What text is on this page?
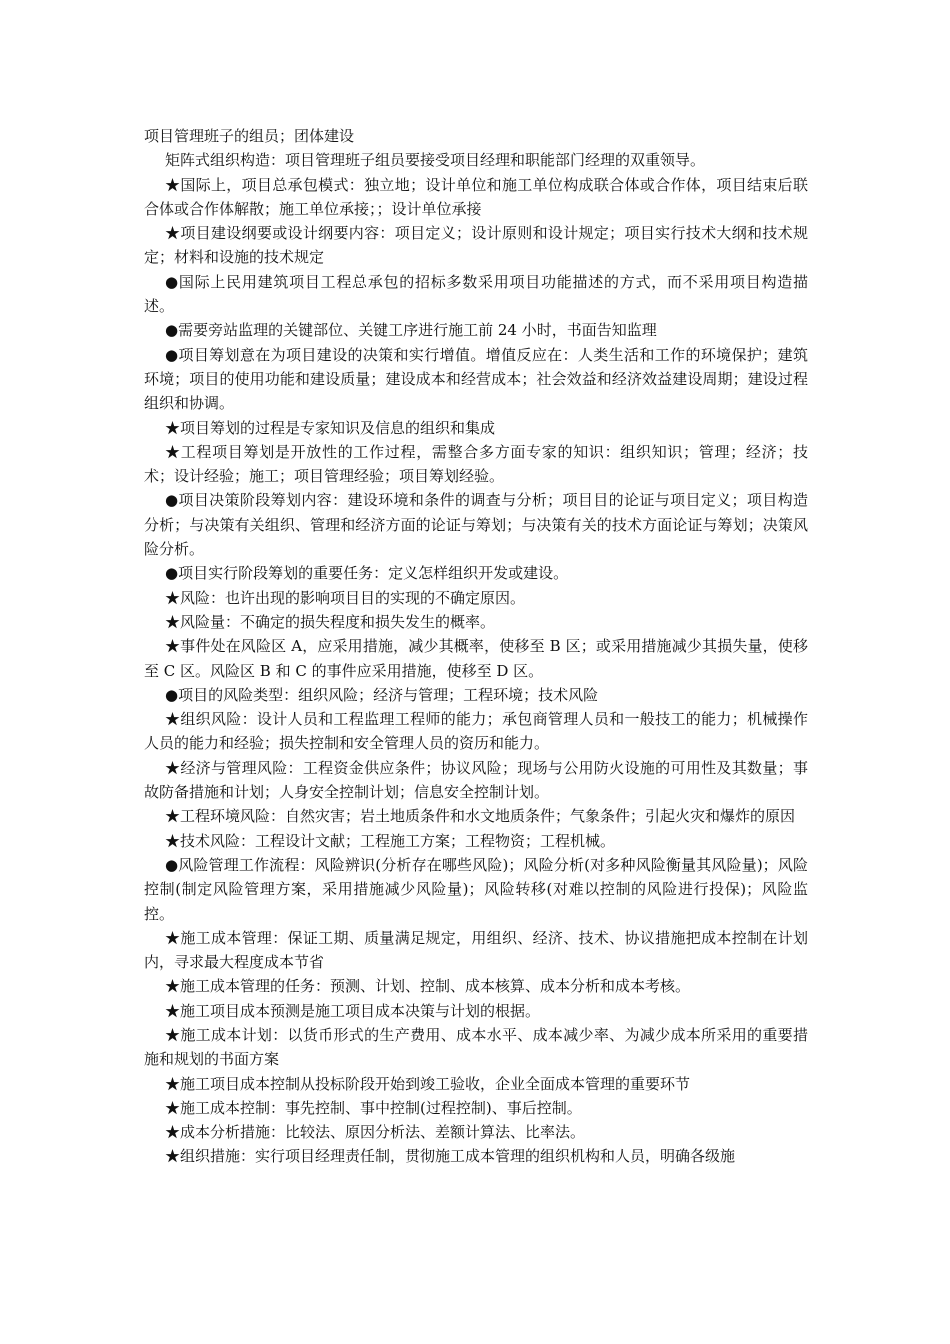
项目管理班子的组员；团体建设

矩阵式组织构造：项目管理班子组员要接受项目经理和职能部门经理的双重领导。

★国际上，项目总承包模式：独立地；设计单位和施工单位构成联合体或合作体，项目结束后联合体或合作体解散；施工单位承接；；设计单位承接

★项目建设纲要或设计纲要内容：项目定义；设计原则和设计规定；项目实行技术大纲和技术规定；材料和设施的技术规定

●国际上民用建筑项目工程总承包的招标多数采用项目功能描述的方式，而不采用项目构造描述。

●需要旁站监理的关键部位、关键工序进行施工前 24 小时，书面告知监理

●项目筹划意在为项目建设的决策和实行增值。增值反应在：人类生活和工作的环境保护；建筑环境；项目的使用功能和建设质量；建设成本和经营成本；社会效益和经济效益建设周期；建设过程组织和协调。

★项目筹划的过程是专家知识及信息的组织和集成

★工程项目筹划是开放性的工作过程，需整合多方面专家的知识：组织知识；管理；经济；技术；设计经验；施工；项目管理经验；项目筹划经验。

●项目决策阶段筹划内容：建设环境和条件的调查与分析；项目目的论证与项目定义；项目构造分析；与决策有关组织、管理和经济方面的论证与筹划；与决策有关的技术方面论证与筹划；决策风险分析。

●项目实行阶段筹划的重要任务：定义怎样组织开发或建设。

★风险：也许出现的影响项目目的实现的不确定原因。

★风险量：不确定的损失程度和损失发生的概率。

★事件处在风险区 A，应采用措施，减少其概率，使移至 B 区；或采用措施减少其损失量，使移至 C 区。风险区 B 和 C 的事件应采用措施，使移至 D 区。

●项目的风险类型：组织风险；经济与管理；工程环境；技术风险

★组织风险：设计人员和工程监理工程师的能力；承包商管理人员和一般技工的能力；机械操作人员的能力和经验；损失控制和安全管理人员的资历和能力。

★经济与管理风险：工程资金供应条件；协议风险；现场与公用防火设施的可用性及其数量；事故防备措施和计划；人身安全控制计划；信息安全控制计划。

★工程环境风险：自然灾害；岩土地质条件和水文地质条件；气象条件；引起火灾和爆炸的原因

★技术风险：工程设计文献；工程施工方案；工程物资；工程机械。

●风险管理工作流程：风险辨识(分析存在哪些风险)；风险分析(对多种风险衡量其风险量)；风险控制(制定风险管理方案，采用措施减少风险量)；风险转移(对难以控制的风险进行投保)；风险监控。

★施工成本管理：保证工期、质量满足规定，用组织、经济、技术、协议措施把成本控制在计划内，寻求最大程度成本节省

★施工成本管理的任务：预测、计划、控制、成本核算、成本分析和成本考核。

★施工项目成本预测是施工项目成本决策与计划的根据。

★施工成本计划：以货币形式的生产费用、成本水平、成本减少率、为减少成本所采用的重要措施和规划的书面方案

★施工项目成本控制从投标阶段开始到竣工验收，企业全面成本管理的重要环节

★施工成本控制：事先控制、事中控制(过程控制)、事后控制。

★成本分析措施：比较法、原因分析法、差额计算法、比率法。

★组织措施：实行项目经理责任制，贯彻施工成本管理的组织机构和人员，明确各级施
